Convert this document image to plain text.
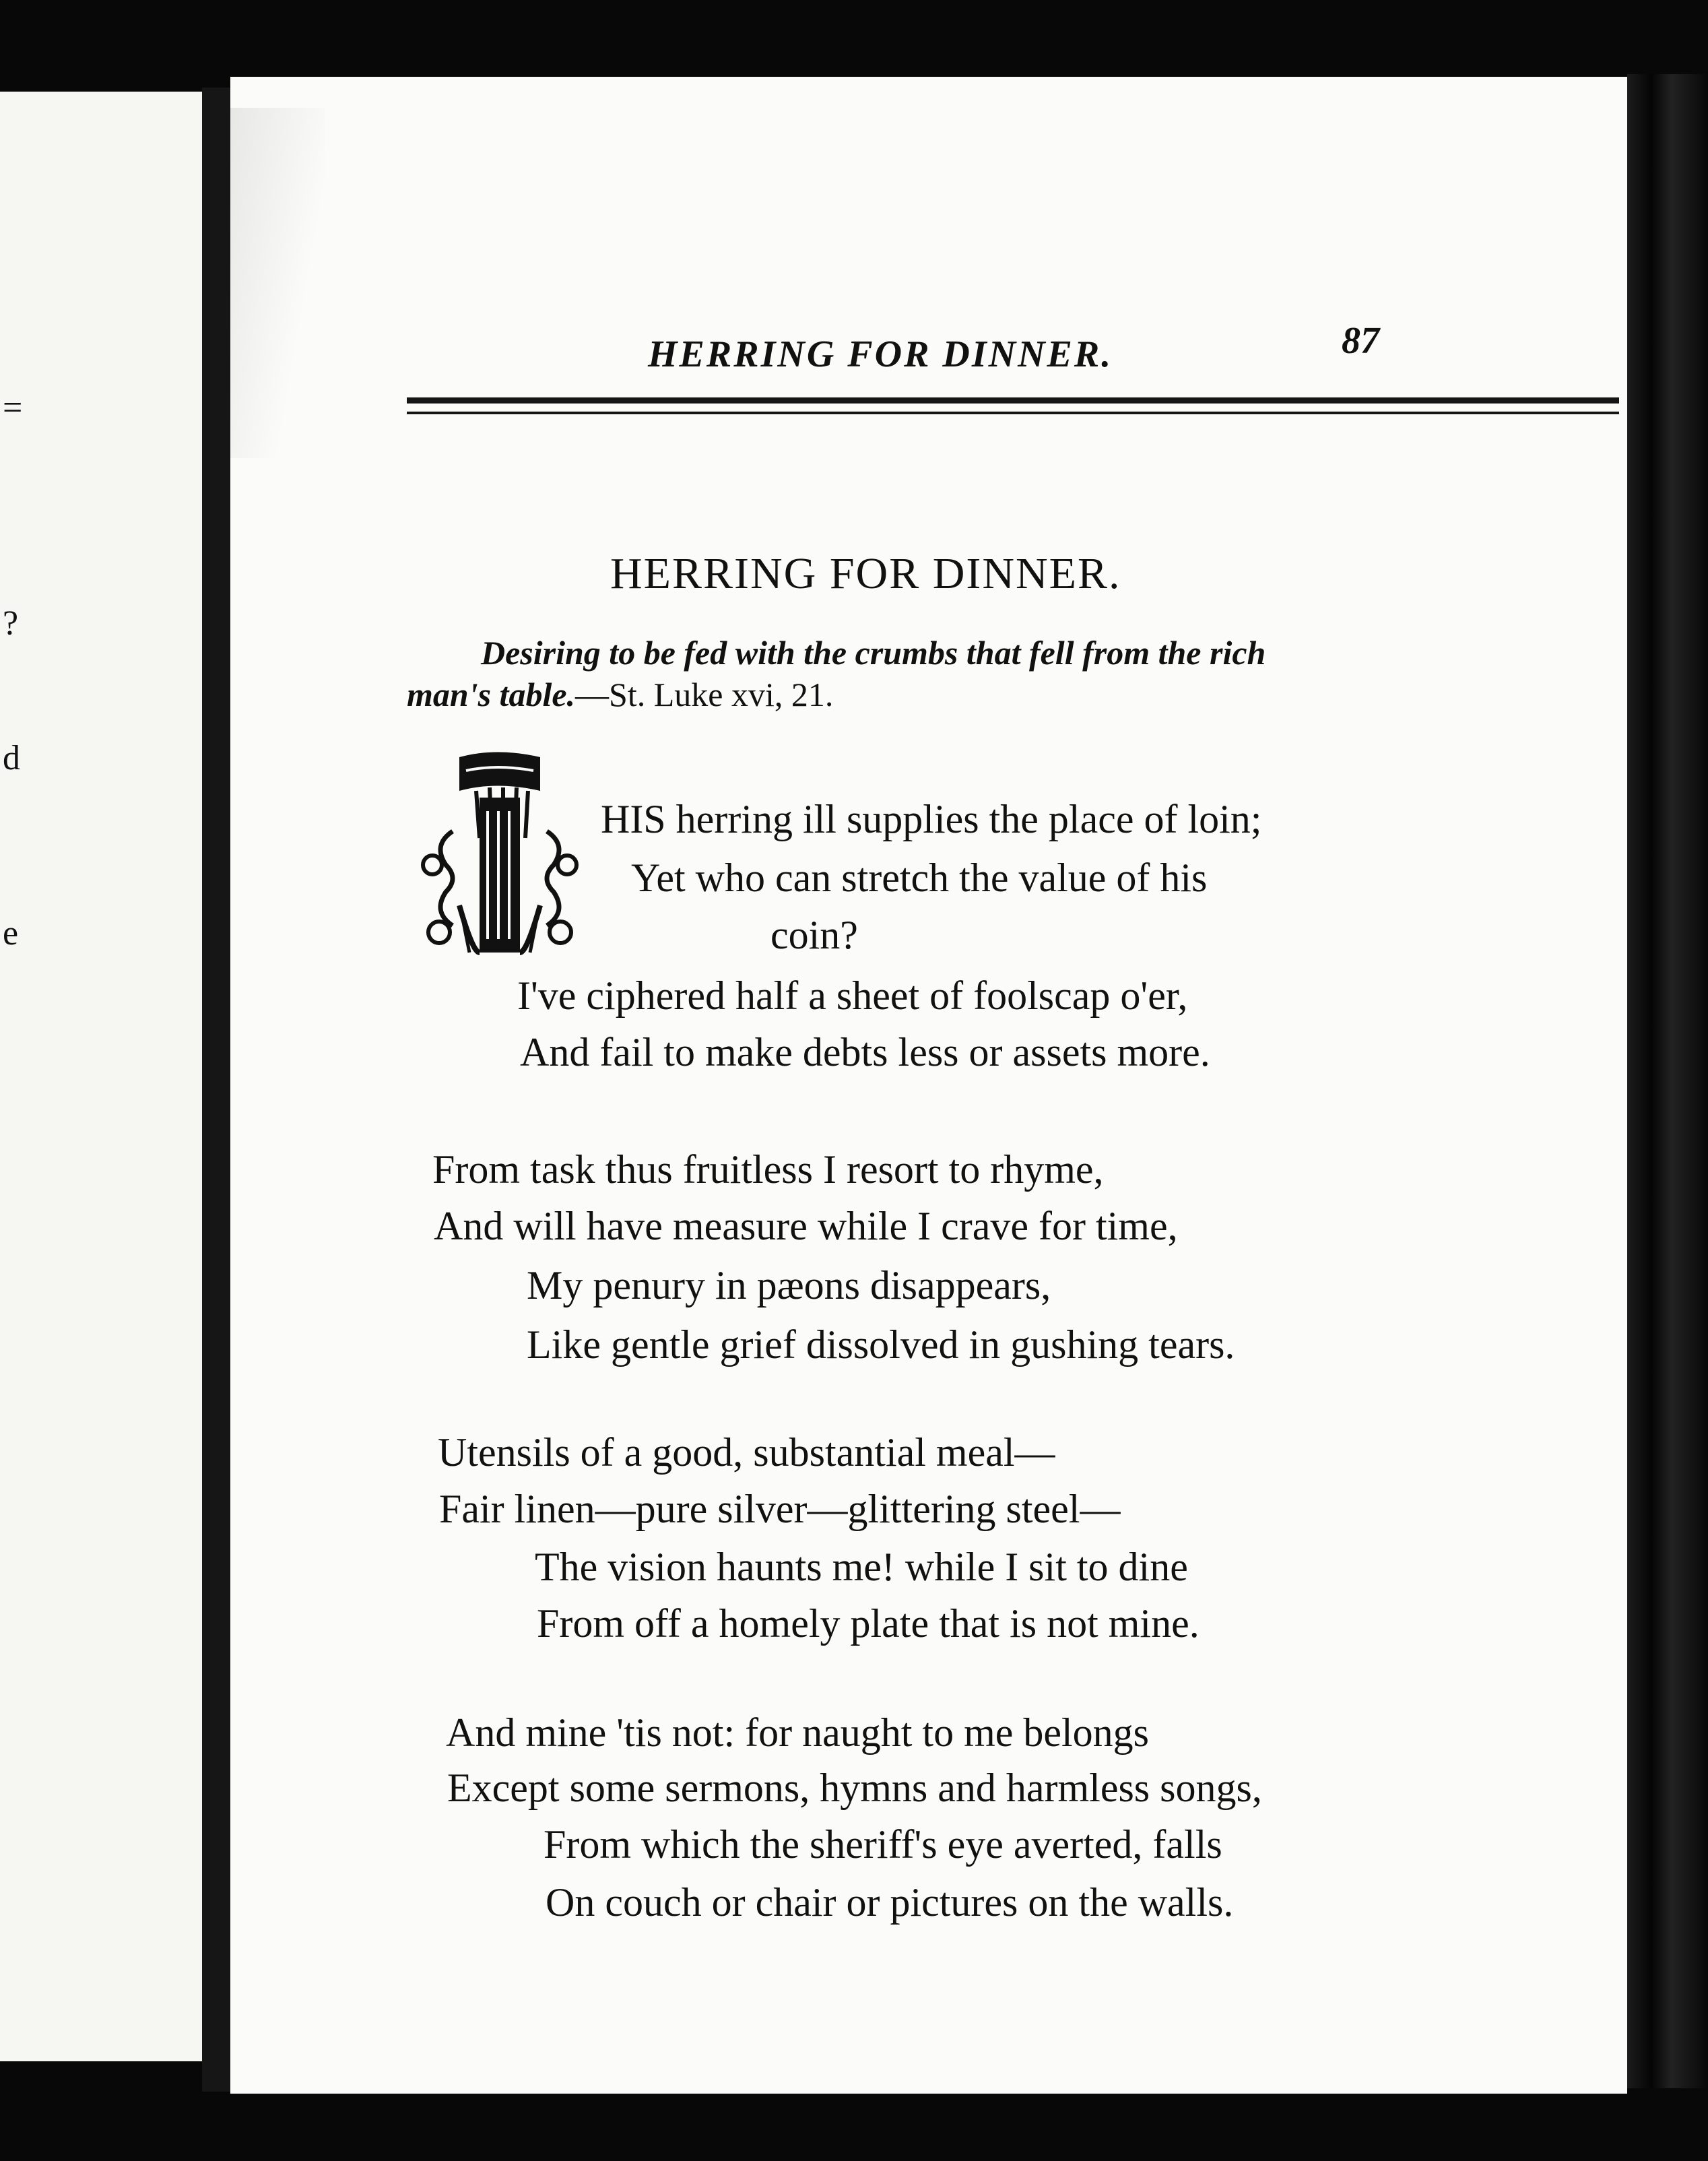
=
?
d
e
HERRING FOR DINNER.	87
HERRING FOR DINNER.
Desiring to be fed with the crumbs that fell from the rich
man's table.—St. Luke xvi, 21.
HIS herring ill supplies the place of loin;
Yet who can stretch the value of his
coin?
I've ciphered half a sheet of foolscap o'er,
And fail to make debts less or assets more.
From task thus fruitless I resort to rhyme,
And will have measure while I crave for time,
My penury in pæons disappears,
Like gentle grief dissolved in gushing tears.
Utensils of a good, substantial meal—
Fair linen—pure silver—glittering steel—
The vision haunts me! while I sit to dine
From off a homely plate that is not mine.
And mine 'tis not: for naught to me belongs
Except some sermons, hymns and harmless songs,
From which the sheriff's eye averted, falls
On couch or chair or pictures on the walls.
